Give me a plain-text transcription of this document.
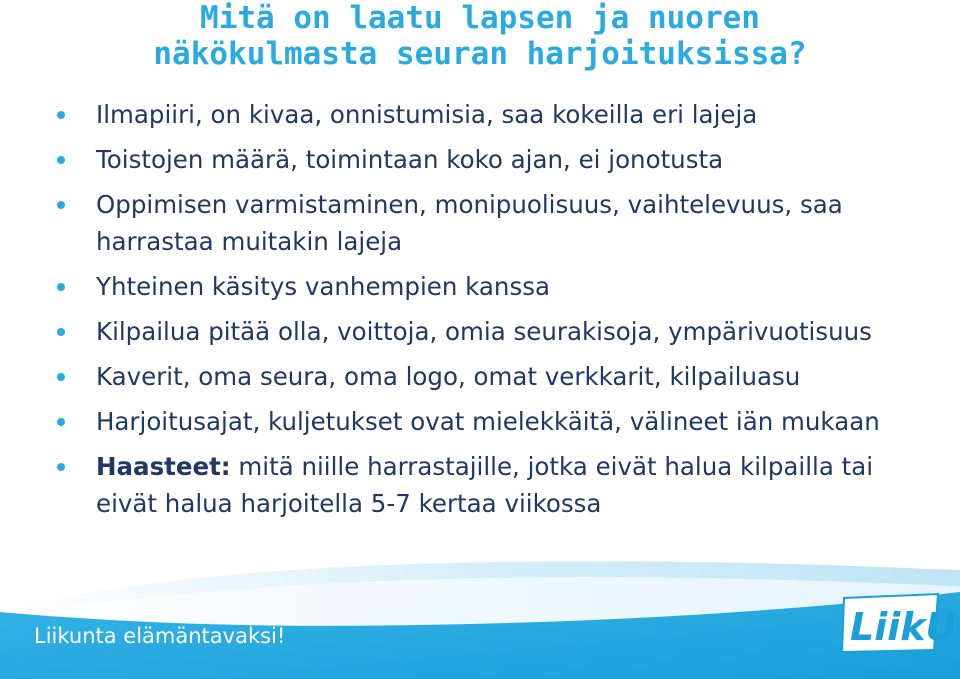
Mitä on laatu lapsen ja nuoren
näkökulmasta seuran harjoituksissa?
Ilmapiiri, on kivaa, onnistumisia, saa kokeilla eri lajeja
Toistojen määrä, toimintaan koko ajan, ei jonotusta
Oppimisen varmistaminen, monipuolisuus, vaihtelevuus, saa harrastaa muitakin lajeja
Yhteinen käsitys vanhempien kanssa
Kilpailua pitää olla, voittoja, omia seurakisoja, ympärivuotisuus
Kaverit, oma seura, oma logo, omat verkkarit, kilpailuasu
Harjoitusajat, kuljetukset ovat mielekkäitä, välineet iän mukaan
Haasteet: mitä niille harrastajille, jotka eivät halua kilpailla tai eivät halua harjoitella 5-7 kertaa viikossa
Liikunta elämäntavaksi!	LiikU
